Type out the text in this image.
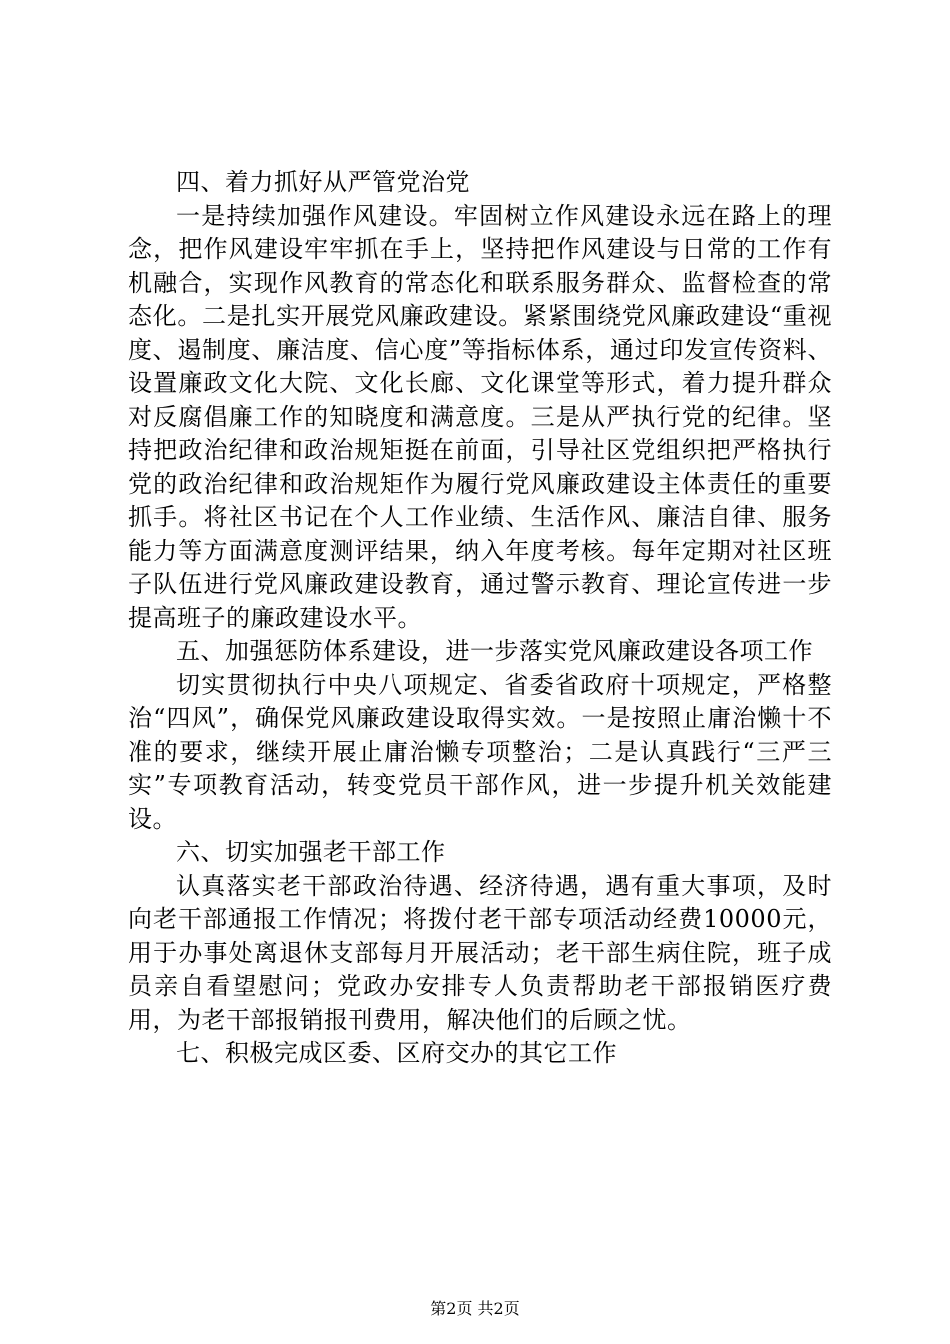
四、着力抓好从严管党治党

一是持续加强作风建设。牢固树立作风建设永远在路上的理念，把作风建设牢牢抓在手上，坚持把作风建设与日常的工作有机融合，实现作风教育的常态化和联系服务群众、监督检查的常态化。二是扎实开展党风廉政建设。紧紧围绕党风廉政建设“重视度、遏制度、廉洁度、信心度”等指标体系，通过印发宣传资料、设置廉政文化大院、文化长廊、文化课堂等形式，着力提升群众对反腐倡廉工作的知晓度和满意度。三是从严执行党的纪律。坚持把政治纪律和政治规矩挺在前面，引导社区党组织把严格执行党的政治纪律和政治规矩作为履行党风廉政建设主体责任的重要抓手。将社区书记在个人工作业绩、生活作风、廉洁自律、服务能力等方面满意度测评结果，纳入年度考核。每年定期对社区班子队伍进行党风廉政建设教育，通过警示教育、理论宣传进一步提高班子的廉政建设水平。

五、加强惩防体系建设，进一步落实党风廉政建设各项工作

切实贯彻执行中央八项规定、省委省政府十项规定，严格整治“四风”，确保党风廉政建设取得实效。一是按照止庸治懒十不准的要求，继续开展止庸治懒专项整治；二是认真践行“三严三实”专项教育活动，转变党员干部作风，进一步提升机关效能建设。

六、切实加强老干部工作

认真落实老干部政治待遇、经济待遇，遇有重大事项，及时向老干部通报工作情况；将拨付老干部专项活动经费10000元，用于办事处离退休支部每月开展活动；老干部生病住院，班子成员亲自看望慰问；党政办安排专人负责帮助老干部报销医疗费用，为老干部报销报刊费用，解决他们的后顾之忧。

七、积极完成区委、区府交办的其它工作

第2页 共2页
